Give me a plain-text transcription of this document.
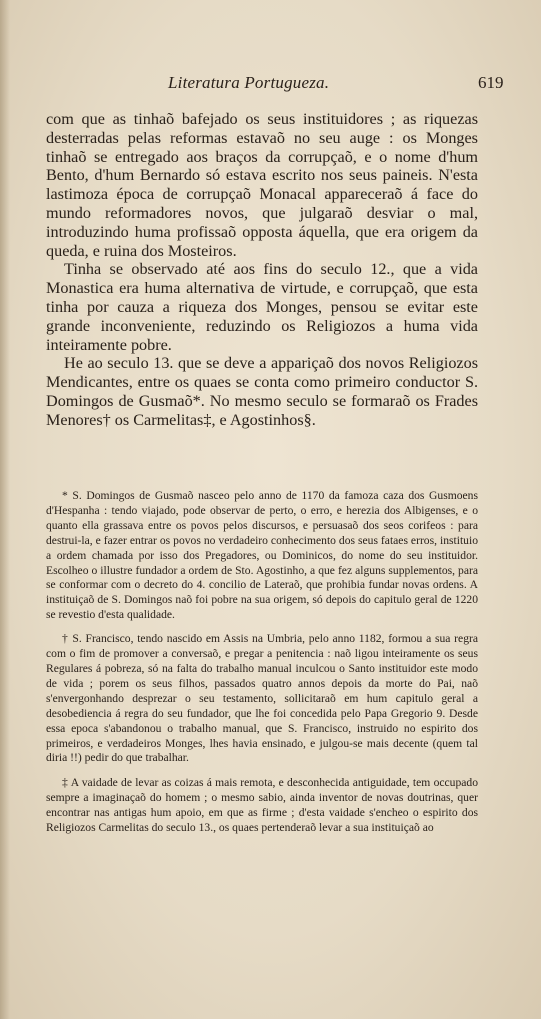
Literatura Portugueza.	619

com que as tinhaõ bafejado os seus instituidores ; as riquezas desterradas pelas reformas estavaõ no seu auge : os Monges tinhaõ se entregado aos braços da corrupçaõ, e o nome d'hum Bento, d'hum Bernardo só estava escrito nos seus paineis. N'esta lastimoza época de corrupçaõ Monacal appareceraõ á face do mundo reformadores novos, que julgaraõ desviar o mal, introduzindo huma profissaõ opposta áquella, que era origem da queda, e ruina dos Mosteiros.

Tinha se observado até aos fins do seculo 12., que a vida Monastica era huma alternativa de virtude, e corrupçaõ, que esta tinha por cauza a riqueza dos Monges, pensou se evitar este grande inconveniente, reduzindo os Religiozos a huma vida inteiramente pobre.

He ao seculo 13. que se deve a appariçaõ dos novos Religiozos Mendicantes, entre os quaes se conta como primeiro conductor S. Domingos de Gusmaõ*. No mesmo seculo se formaraõ os Frades Menores† os Carmelitas‡, e Agostinhos§.

* S. Domingos de Gusmaõ nasceo pelo anno de 1170 da famoza caza dos Gusmoens d'Hespanha : tendo viajado, pode observar de perto, o erro, e herezia dos Albigenses, e o quanto ella grassava entre os povos pelos discursos, e persuasaõ dos seos corifeos : para destrui-la, e fazer entrar os povos no verdadeiro conhecimento dos seus fataes erros, instituio a ordem chamada por isso dos Pregadores, ou Dominicos, do nome do seu instituidor. Escolheo o illustre fundador a ordem de Sto. Agostinho, a que fez alguns supplementos, para se conformar com o decreto do 4. concilio de Lateraõ, que prohibia fundar novas ordens. A instituiçaõ de S. Domingos naõ foi pobre na sua origem, só depois do capitulo geral de 1220 se revestio d'esta qualidade.

† S. Francisco, tendo nascido em Assis na Umbria, pelo anno 1182, formou a sua regra com o fim de promover a conversaõ, e pregar a penitencia : naõ ligou inteiramente os seus Regulares á pobreza, só na falta do trabalho manual inculcou o Santo instituidor este modo de vida ; porem os seus filhos, passados quatro annos depois da morte do Pai, naõ s'envergonhando desprezar o seu testamento, sollicitaraõ em hum capitulo geral a desobediencia á regra do seu fundador, que lhe foi concedida pelo Papa Gregorio 9. Desde essa epoca s'abandonou o trabalho manual, que S. Francisco, instruido no espirito dos primeiros, e verdadeiros Monges, lhes havia ensinado, e julgou-se mais decente (quem tal diria !!) pedir do que trabalhar.

‡ A vaidade de levar as coizas á mais remota, e desconhecida antiguidade, tem occupado sempre a imaginaçaõ do homem ; o mesmo sabio, ainda inventor de novas doutrinas, quer encontrar nas antigas hum apoio, em que as firme ; d'esta vaidade s'encheo o espirito dos Religiozos Carmelitas do seculo 13., os quaes pertenderaõ levar a sua instituiçaõ ao
